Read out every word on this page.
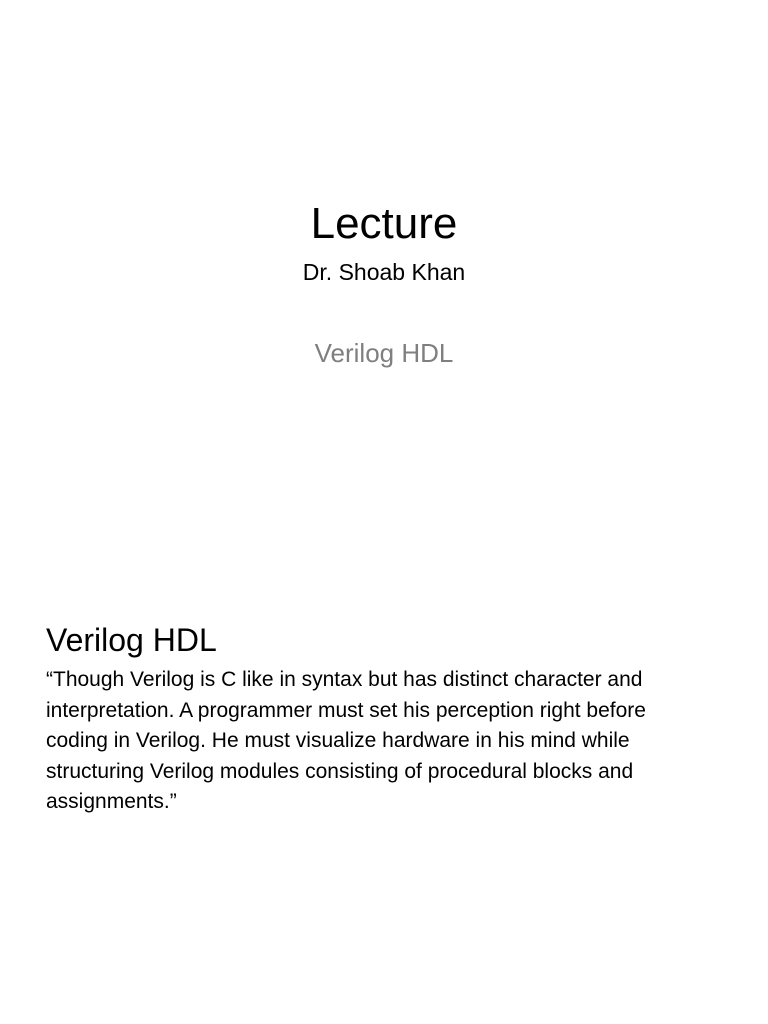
Lecture
Dr. Shoab Khan
Verilog HDL
Verilog HDL
“Though Verilog is C like in syntax but has distinct character and interpretation. A programmer must set his perception right before coding in Verilog. He must visualize hardware in his mind while structuring Verilog modules consisting of procedural blocks and assignments.”
